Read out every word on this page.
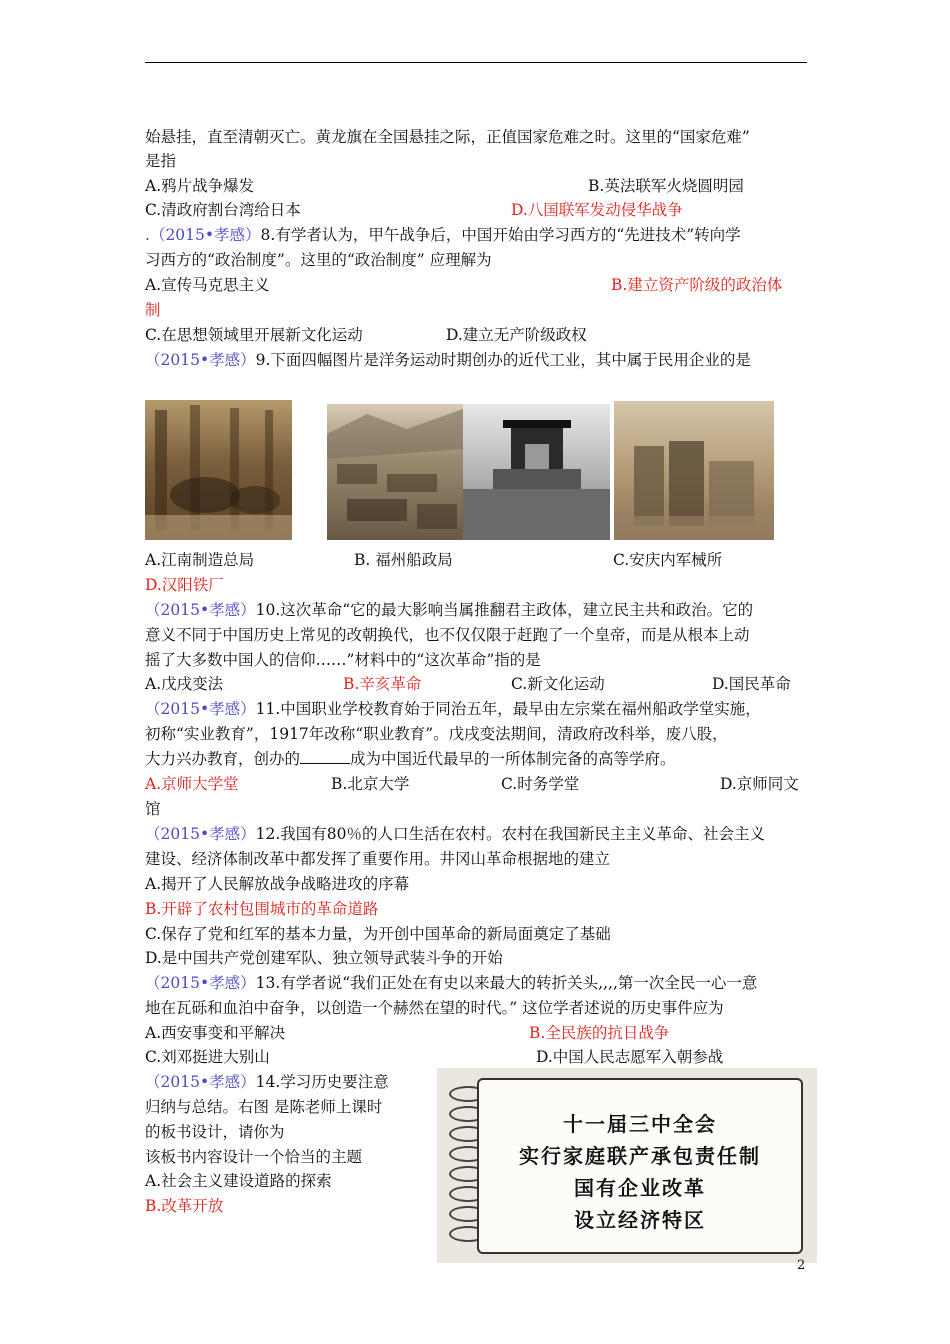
始悬挂，直至清朝灭亡。黄龙旗在全国悬挂之际，正值国家危难之时。这里的“国家危难”
是指
A.鸦片战争爆发	B.英法联军火烧圆明园
C.清政府割台湾给日本	D.八国联军发动侵华战争
.（2015•孝感）8.有学者认为，甲午战争后，中国开始由学习西方的“先进技术”转向学
习西方的“政治制度”。这里的“政治制度” 应理解为
A.宣传马克思主义	B.建立资产阶级的政治体
制
C.在思想领域里开展新文化运动	D.建立无产阶级政权
（2015•孝感）9.下面四幅图片是洋务运动时期创办的近代工业，其中属于民用企业的是
A.江南制造总局	B. 福州船政局	C.安庆内军械所
D.汉阳铁厂
（2015•孝感）10.这次革命“它的最大影响当属推翻君主政体，建立民主共和政治。它的
意义不同于中国历史上常见的改朝换代，也不仅仅限于赶跑了一个皇帝，而是从根本上动
摇了大多数中国人的信仰……”材料中的“这次革命”指的是
A.戊戌变法	B.辛亥革命	C.新文化运动	D.国民革命
（2015•孝感）11.中国职业学校教育始于同治五年，最早由左宗棠在福州船政学堂实施，
初称“实业教育”，1917年改称“职业教育”。戊戌变法期间，清政府改科举，废八股，
大力兴办教育，创办的	成为中国近代最早的一所体制完备的高等学府。
A.京师大学堂	B.北京大学	C.时务学堂	D.京师同文
馆
（2015•孝感）12.我国有80％的人口生活在农村。农村在我国新民主主义革命、社会主义
建设、经济体制改革中都发挥了重要作用。井冈山革命根据地的建立
A.揭开了人民解放战争战略进攻的序幕
B.开辟了农村包围城市的革命道路
C.保存了党和红军的基本力量，为开创中国革命的新局面奠定了基础
D.是中国共产党创建军队、独立领导武装斗争的开始
（2015•孝感）13.有学者说“我们正处在有史以来最大的转折关头,,,,第一次全民一心一意
地在瓦砾和血泊中奋争，以创造一个赫然在望的时代。” 这位学者述说的历史事件应为
A.西安事变和平解决	B.全民族的抗日战争
C.刘邓挺进大别山	D.中国人民志愿军入朝参战
（2015•孝感）14.学习历史要注意
归纳与总结。右图 是陈老师上课时
的板书设计，请你为
该板书内容设计一个恰当的主题
A.社会主义建设道路的探索
B.改革开放
十一届三中全会
实行家庭联产承包责任制
国有企业改革
设立经济特区
2
